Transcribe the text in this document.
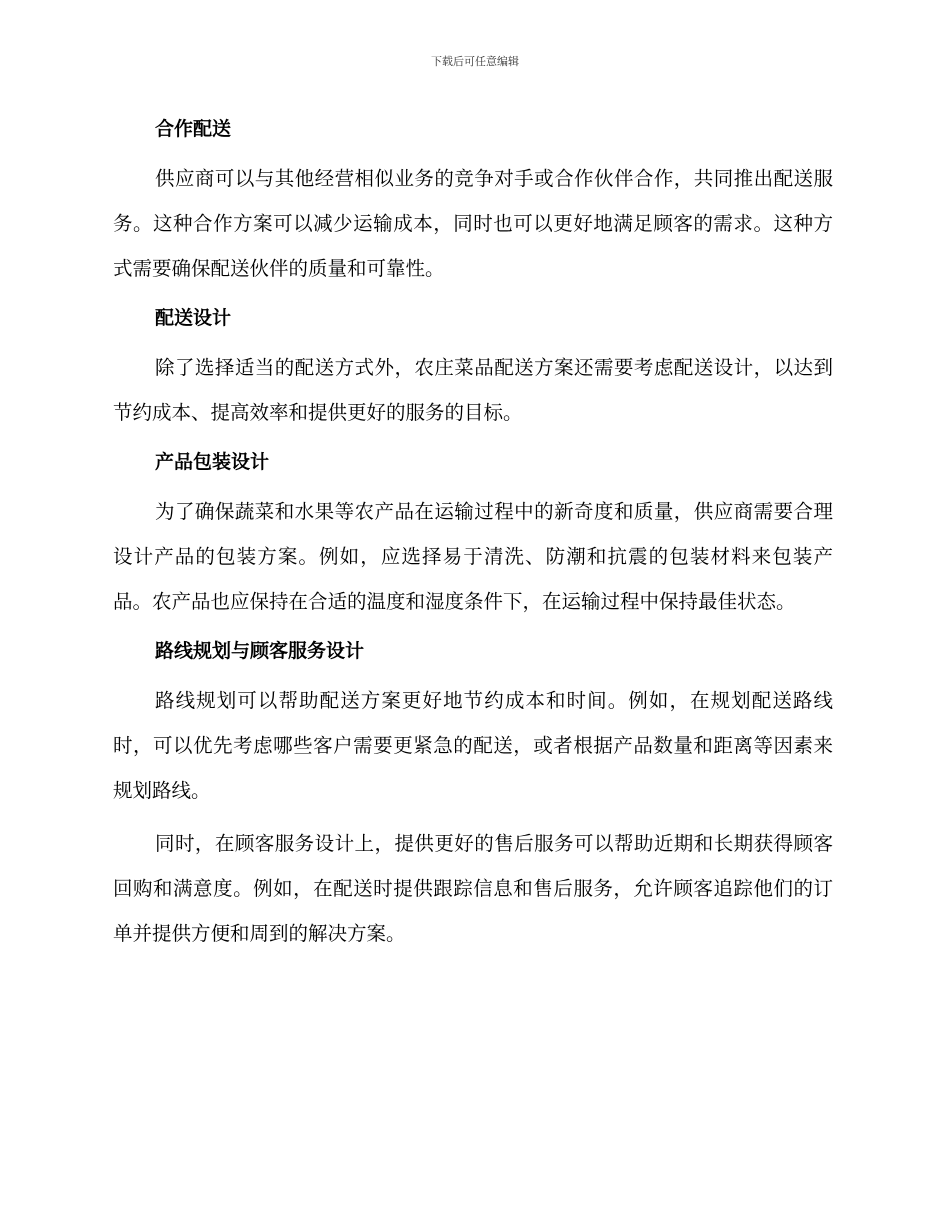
下载后可任意编辑
合作配送

供应商可以与其他经营相似业务的竞争对手或合作伙伴合作，共同推出配送服务。这种合作方案可以减少运输成本，同时也可以更好地满足顾客的需求。这种方式需要确保配送伙伴的质量和可靠性。

配送设计

除了选择适当的配送方式外，农庄菜品配送方案还需要考虑配送设计，以达到节约成本、提高效率和提供更好的服务的目标。

产品包装设计

为了确保蔬菜和水果等农产品在运输过程中的新奇度和质量，供应商需要合理设计产品的包装方案。例如，应选择易于清洗、防潮和抗震的包装材料来包装产品。农产品也应保持在合适的温度和湿度条件下，在运输过程中保持最佳状态。

路线规划与顾客服务设计

路线规划可以帮助配送方案更好地节约成本和时间。例如，在规划配送路线时，可以优先考虑哪些客户需要更紧急的配送，或者根据产品数量和距离等因素来规划路线。

同时，在顾客服务设计上，提供更好的售后服务可以帮助近期和长期获得顾客回购和满意度。例如，在配送时提供跟踪信息和售后服务，允许顾客追踪他们的订单并提供方便和周到的解决方案。
